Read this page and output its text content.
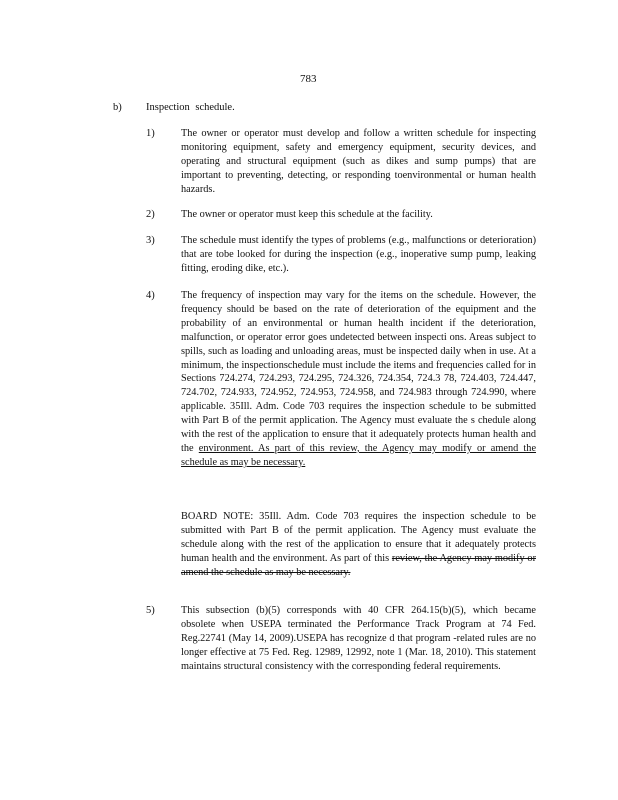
783
b) Inspection schedule.
1)	The owner or operator must develop and follow a written schedule for inspecting monitoring equipment, safety and emergency equipment, security devices, and operating and structural equipment (such as dikes and sump pumps) that are important to preventing, detecting, or responding toenvironmental or human health hazards.
2)	The owner or operator must keep this schedule at the facility.
3)	The schedule must identify the types of problems (e.g., malfunctions or deterioration) that are tobe looked for during the inspection (e.g., inoperative sump pump, leaking fitting, eroding dike, etc.).
4)	The frequency of inspection may vary for the items on the schedule. However, the frequency should be based on the rate of deterioration of the equipment and the probability of an environmental or human health incident if the deterioration, malfunction, or operator error goes undetected between inspecti ons. Areas subject to spills, such as loading and unloading areas, must be inspected daily when in use. At a minimum, the inspectionschedule must include the items and frequencies called for in Sections 724.274, 724.293, 724.295, 724.326, 724.354, 724.3 78, 724.403, 724.447, 724.702, 724.933, 724.952, 724.953, 724.958, and 724.983 through 724.990, where applicable. 35Ill. Adm. Code 703 requires the inspection schedule to be submitted with Part B of the permit application. The Agency must evaluate the s chedule along with the rest of the application to ensure that it adequately protects human health and the environment. As part of this review, the Agency may modify or amend the schedule as may be necessary.
BOARD NOTE: 35Ill. Adm. Code 703 requires the inspection schedule to be submitted with Part B of the permit application. The Agency must evaluate the schedule along with the rest of the application to ensure that it adequately protects human health and the environment. As part of this review, the Agency may modify or amend the schedule as may be necessary.
5)	This subsection (b)(5) corresponds with 40 CFR 264.15(b)(5), which became obsolete when USEPA terminated the Performance Track Program at 74 Fed. Reg.22741 (May 14, 2009).USEPA has recognize d that program -related rules are no longer effective at 75 Fed. Reg. 12989, 12992, note 1 (Mar. 18, 2010). This statement maintains structural consistency with the corresponding federal requirements.
